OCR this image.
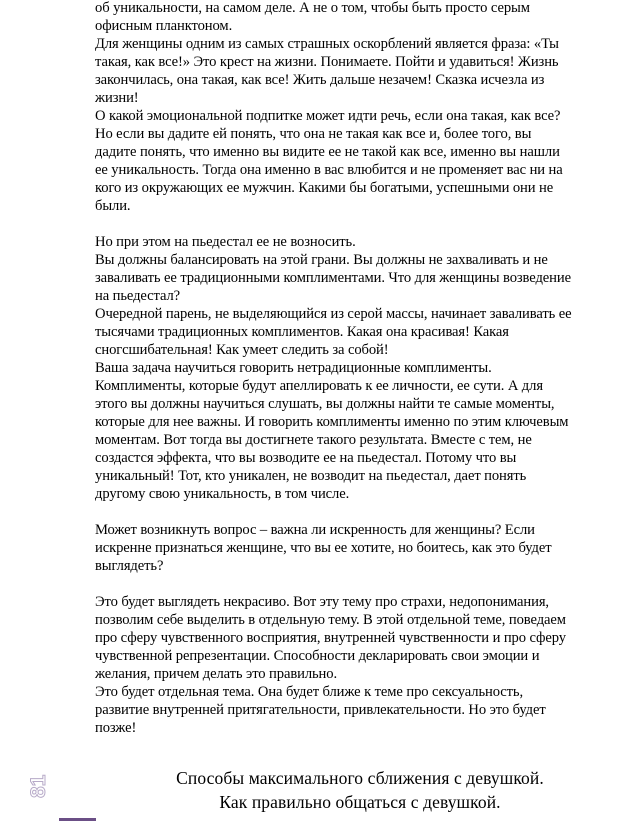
об уникальности, на самом деле. А не о том, чтобы быть просто серым
офисным планктоном.
Для женщины одним из самых страшных оскорблений является фраза: «Ты
такая, как все!» Это крест на жизни. Понимаете. Пойти и удавиться! Жизнь
закончилась, она такая, как все! Жить дальше незачем! Сказка исчезла из
жизни!
О какой эмоциональной подпитке может идти речь, если она такая, как все?
Но если вы дадите ей понять, что она не такая как все и, более того, вы
дадите понять, что именно вы видите ее не такой как все, именно вы нашли
ее уникальность. Тогда она именно в вас влюбится и не променяет вас ни на
кого из окружающих ее мужчин. Какими бы богатыми, успешными они не
были.
Но при этом на пьедестал ее не возносить.
Вы должны балансировать на этой грани. Вы должны не захваливать и не
заваливать ее традиционными комплиментами. Что для женщины возведение
на пьедестал?
Очередной парень, не выделяющийся из серой массы, начинает заваливать ее
тысячами традиционных комплиментов. Какая она красивая! Какая
сногсшибательная! Как умеет следить за собой!
Ваша задача научиться говорить нетрадиционные комплименты.
Комплименты, которые будут апеллировать к ее личности, ее сути. А для
этого вы должны научиться слушать, вы должны найти те самые моменты,
которые для нее важны. И говорить комплименты именно по этим ключевым
моментам. Вот тогда вы достигнете такого результата. Вместе с тем, не
создастся эффекта, что вы возводите ее на пьедестал. Потому что вы
уникальный! Тот, кто уникален, не возводит на пьедестал, дает понять
другому свою уникальность, в том числе.
Может возникнуть вопрос – важна ли искренность для женщины? Если
искренне признаться женщине, что вы ее хотите, но боитесь, как это будет
выглядеть?
Это будет выглядеть некрасиво. Вот эту тему про страхи, недопонимания,
позволим себе выделить в отдельную тему. В этой отдельной теме, поведаем
про сферу чувственного восприятия, внутренней чувственности и про сферу
чувственной репрезентации. Способности декларировать свои эмоции и
желания, причем делать это правильно.
Это будет отдельная тема. Она будет ближе к теме про сексуальность,
развитие внутренней притягательности, привлекательности. Но это будет
позже!
Способы максимального сближения с девушкой.
Как правильно общаться с девушкой.
81
